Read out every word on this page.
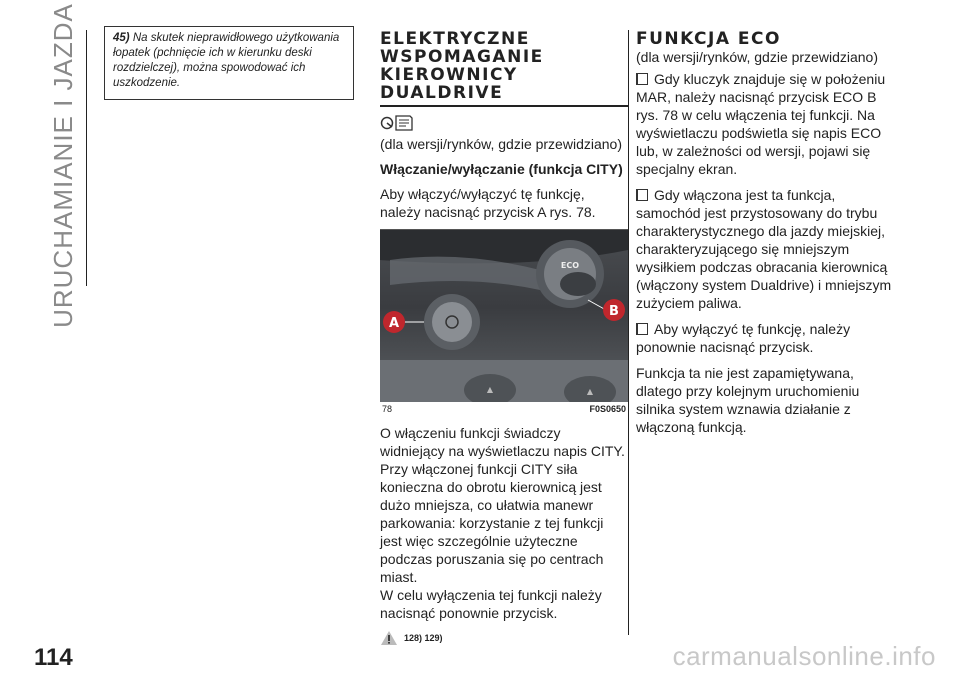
URUCHAMIANIE I JAZDA
114
45) Na skutek nieprawidłowego użytkowania łopatek (pchnięcie ich w kierunku deski rozdzielczej), można spowodować ich uszkodzenie.
ELEKTRYCZNE
WSPOMAGANIE
KIEROWNICY
DUALDRIVE

(dla wersji/rynków, gdzie przewidziano)

Włączanie/wyłączanie (funkcja CITY)

Aby włączyć/wyłączyć tę funkcję, należy nacisnąć przycisk A rys. 78.

▲	▲
ECO
A
B
78	F0S0650

O włączeniu funkcji świadczy widniejący na wyświetlaczu napis CITY.

Przy włączonej funkcji CITY siła konieczna do obrotu kierownicą jest dużo mniejsza, co ułatwia manewr parkowania: korzystanie z tej funkcji jest więc szczególnie użyteczne podczas poruszania się po centrach miast.

W celu wyłączenia tej funkcji należy nacisnąć ponownie przycisk.

128) 129)
FUNKCJA ECO

(dla wersji/rynków, gdzie przewidziano)

Gdy kluczyk znajduje się w położeniu MAR, należy nacisnąć przycisk ECO B rys. 78 w celu włączenia tej funkcji. Na wyświetlaczu podświetla się napis ECO lub, w zależności od wersji, pojawi się specjalny ekran.

Gdy włączona jest ta funkcja, samochód jest przystosowany do trybu charakterystycznego dla jazdy miejskiej, charakteryzującego się mniejszym wysiłkiem podczas obracania kierownicą (włączony system Dualdrive) i mniejszym zużyciem paliwa.

Aby wyłączyć tę funkcję, należy ponownie nacisnąć przycisk.

Funkcja ta nie jest zapamiętywana, dlatego przy kolejnym uruchomieniu silnika system wznawia działanie z włączoną funkcją.

carmanualsonline.info
